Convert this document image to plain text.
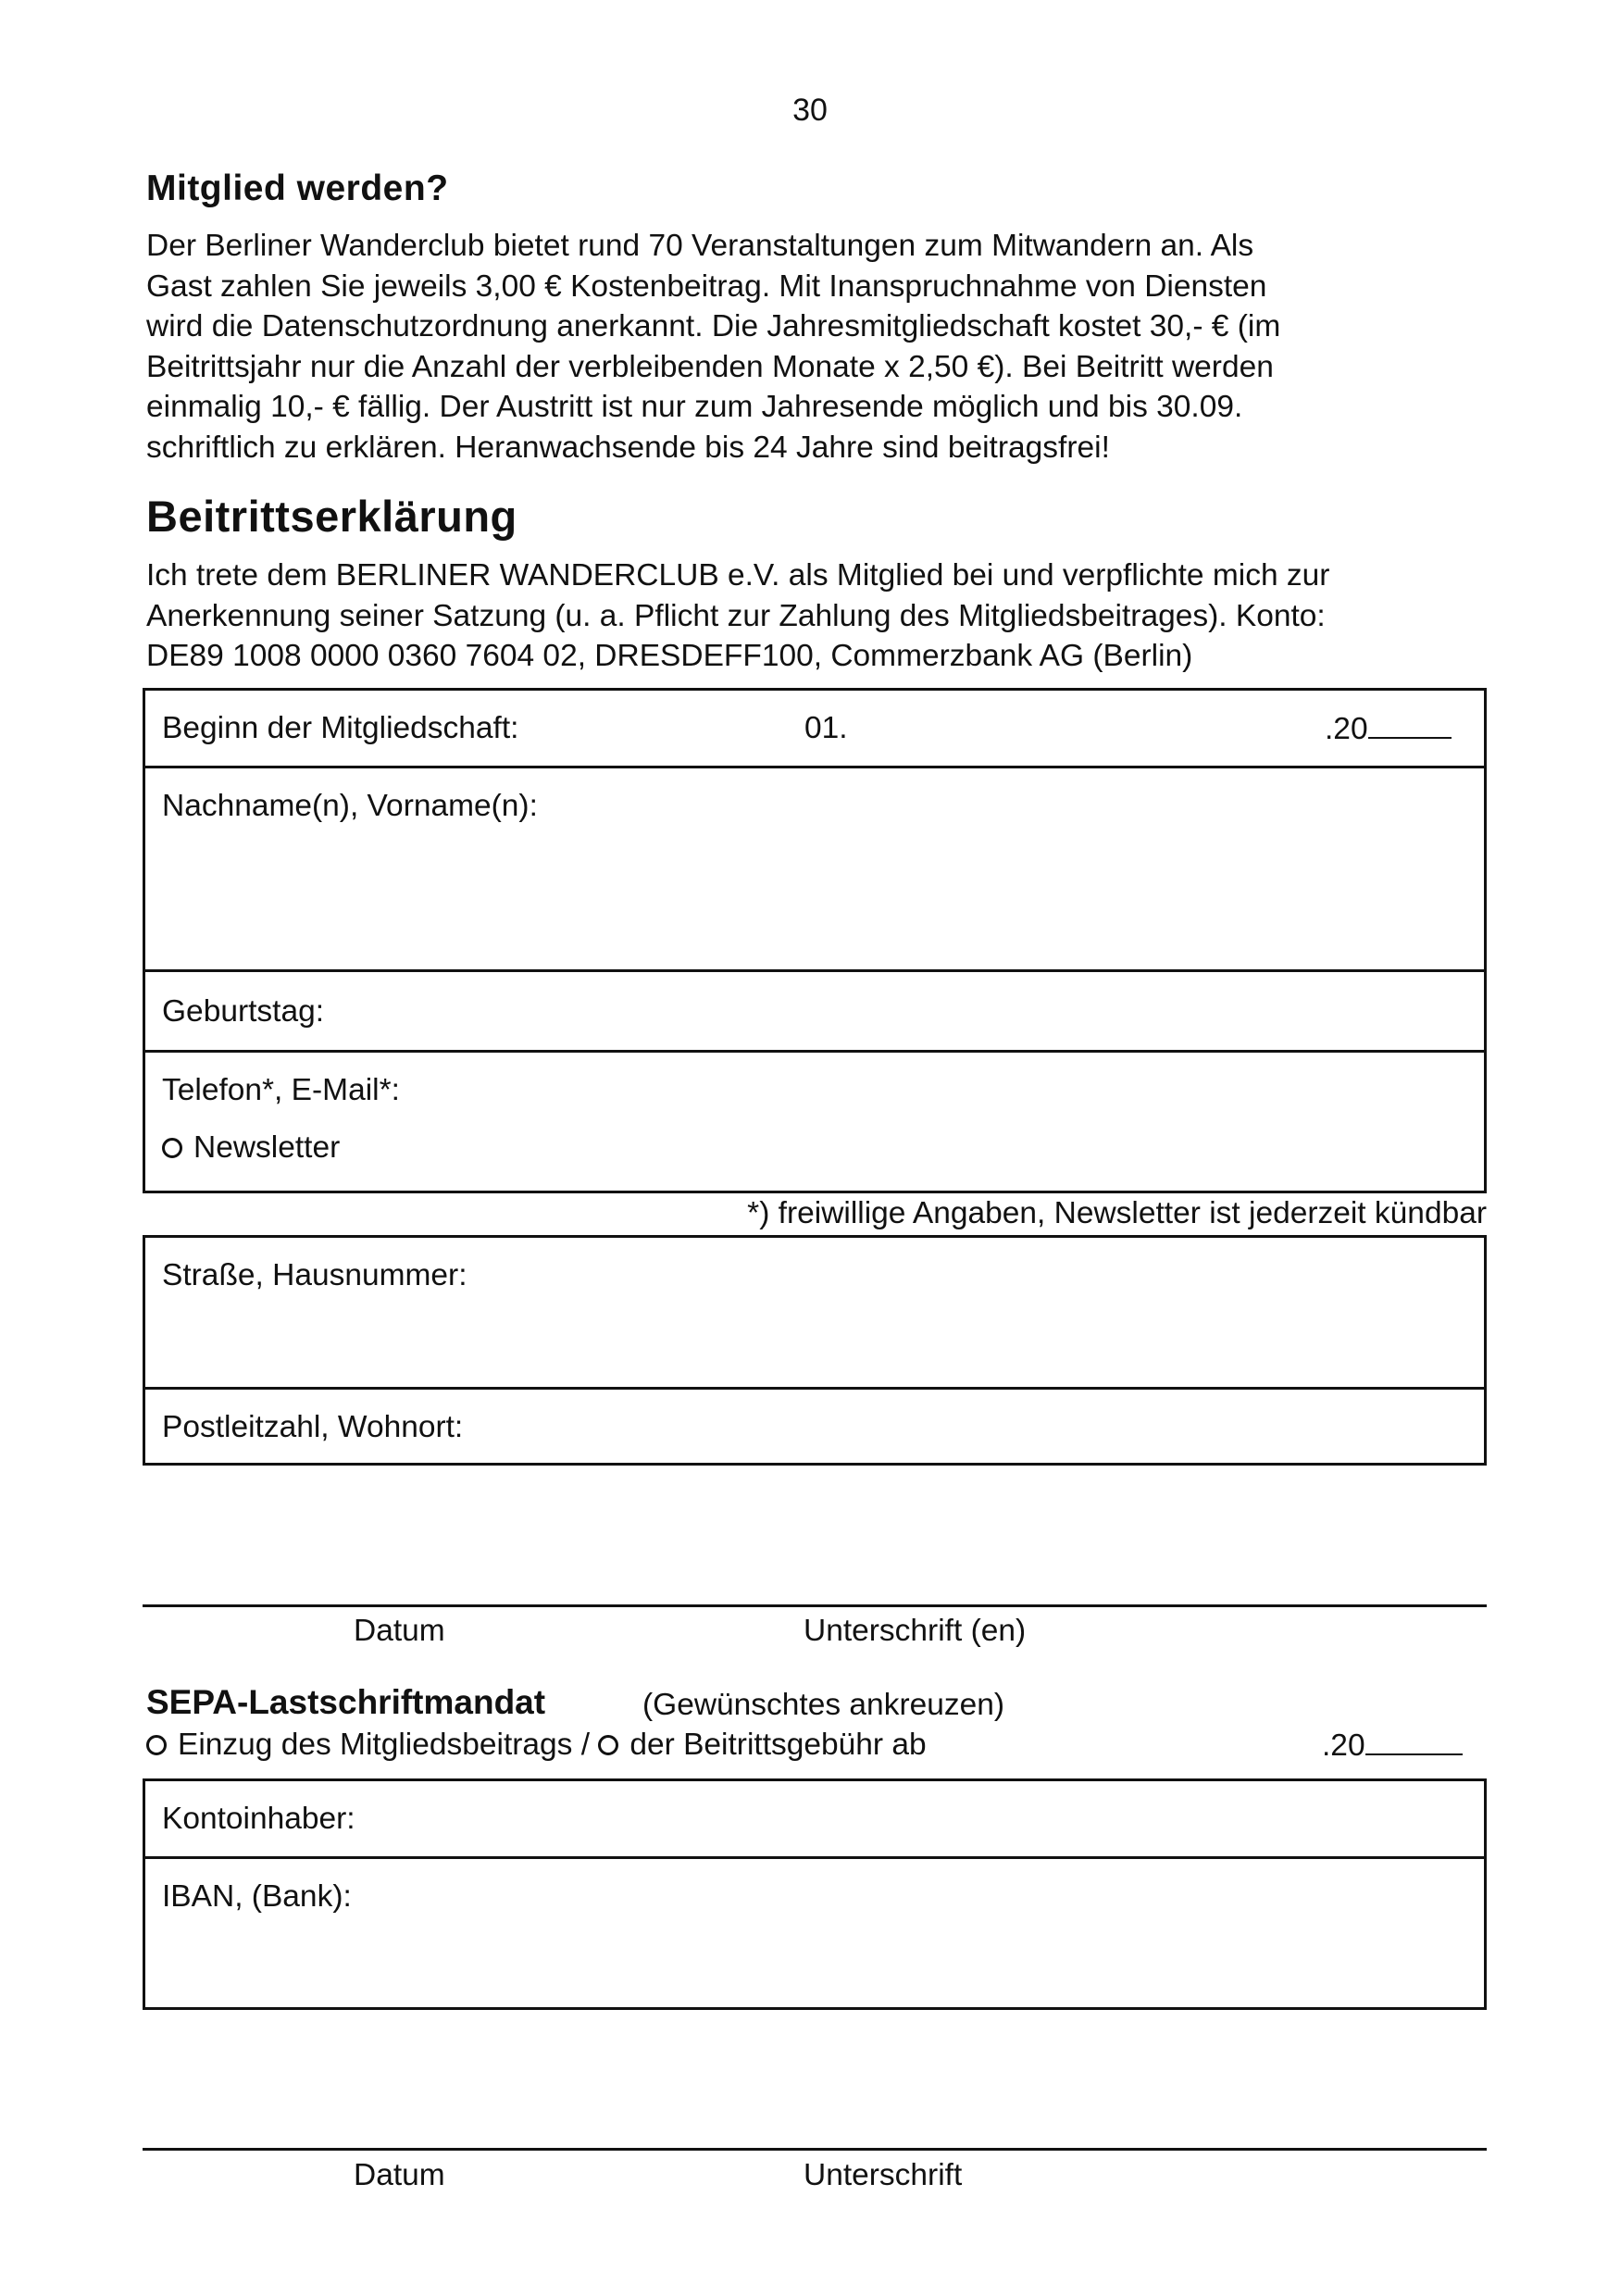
30
Mitglied werden?
Der Berliner Wanderclub bietet rund 70 Veranstaltungen zum Mitwandern an. Als
Gast zahlen Sie jeweils 3,00 € Kostenbeitrag. Mit Inanspruchnahme von Diensten
wird die Datenschutzordnung anerkannt. Die Jahresmitgliedschaft kostet 30,- € (im
Beitrittsjahr nur die Anzahl der verbleibenden Monate x 2,50 €). Bei Beitritt werden
einmalig 10,- € fällig. Der Austritt ist nur zum Jahresende möglich und bis 30.09.
schriftlich zu erklären. Heranwachsende bis 24 Jahre sind beitragsfrei!
Beitrittserklärung
Ich trete dem BERLINER WANDERCLUB e.V. als Mitglied bei und verpflichte mich zur
Anerkennung seiner Satzung (u. a. Pflicht zur Zahlung des Mitgliedsbeitrages). Konto:
DE89 1008 0000 0360 7604 02, DRESDEFF100, Commerzbank AG (Berlin)
Beginn der Mitgliedschaft:	01.	.20
Nachname(n), Vorname(n):
Geburtstag:
Telefon*, E-Mail*:
Newsletter
*) freiwillige Angaben, Newsletter ist jederzeit kündbar
Straße, Hausnummer:
Postleitzahl, Wohnort:
Datum	Unterschrift (en)
SEPA-Lastschriftmandat	(Gewünschtes ankreuzen)
Einzug des Mitgliedsbeitrags / der Beitrittsgebühr ab	.20
Kontoinhaber:
IBAN, (Bank):
Datum	Unterschrift
